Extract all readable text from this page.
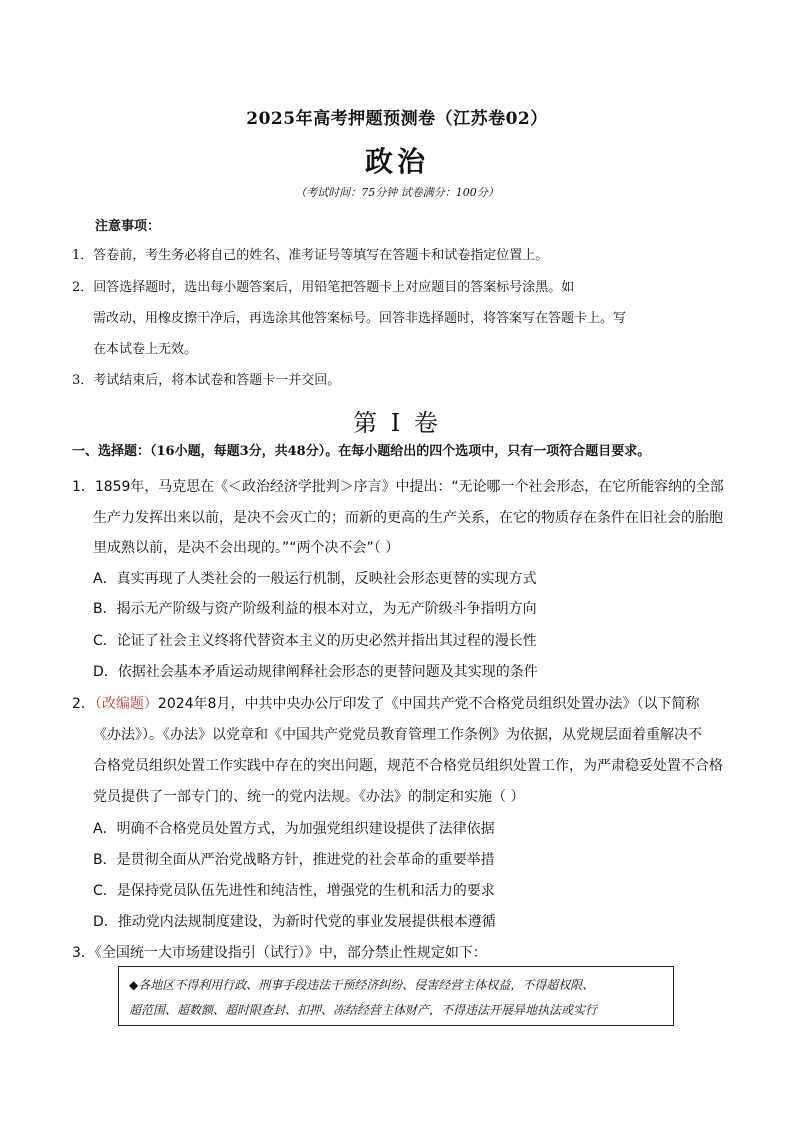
2025年高考押题预测卷（江苏卷02）
政治
（考试时间：75分钟 试卷满分：100分）
注意事项：
1．答卷前，考生务必将自己的姓名、准考证号等填写在答题卡和试卷指定位置上。
2．回答选择题时，选出每小题答案后，用铅笔把答题卡上对应题目的答案标号涂黑。如
需改动，用橡皮擦干净后，再选涂其他答案标号。回答非选择题时，将答案写在答题卡上。写
在本试卷上无效。
3．考试结束后，将本试卷和答题卡一并交回。
第 I 卷
一、选择题：（16小题，每题3分，共48分）。在每小题给出的四个选项中，只有一项符合题目要求。
1．1859年，马克思在《＜政治经济学批判＞序言》中提出：“无论哪一个社会形态，在它所能容纳的全部
生产力发挥出来以前，是决不会灭亡的；而新的更高的生产关系，在它的物质存在条件在旧社会的胎胞
里成熟以前，是决不会出现的。”“两个决不会”（ ）
A．真实再现了人类社会的一般运行机制，反映社会形态更替的实现方式
B．揭示无产阶级与资产阶级利益的根本对立，为无产阶级斗争指明方向
C．论证了社会主义终将代替资本主义的历史必然并指出其过程的漫长性
D．依据社会基本矛盾运动规律阐释社会形态的更替问题及其实现的条件
2．（改编题）2024年8月，中共中央办公厅印发了《中国共产党不合格党员组织处置办法》（以下简称
《办法》）。《办法》以党章和《中国共产党党员教育管理工作条例》为依据，从党规层面着重解决不
合格党员组织处置工作实践中存在的突出问题，规范不合格党员组织处置工作，为严肃稳妥处置不合格
党员提供了一部专门的、统一的党内法规。《办法》的制定和实施（ ）
A．明确不合格党员处置方式，为加强党组织建设提供了法律依据
B．是贯彻全面从严治党战略方针，推进党的社会革命的重要举措
C．是保持党员队伍先进性和纯洁性，增强党的生机和活力的要求
D．推动党内法规制度建设，为新时代党的事业发展提供根本遵循
3．《全国统一大市场建设指引（试行）》中，部分禁止性规定如下：
◆各地区不得利用行政、刑事手段违法干预经济纠纷、侵害经营主体权益，不得超权限、
超范围、超数额、超时限查封、扣押、冻结经营主体财产，不得违法开展异地执法或实行
